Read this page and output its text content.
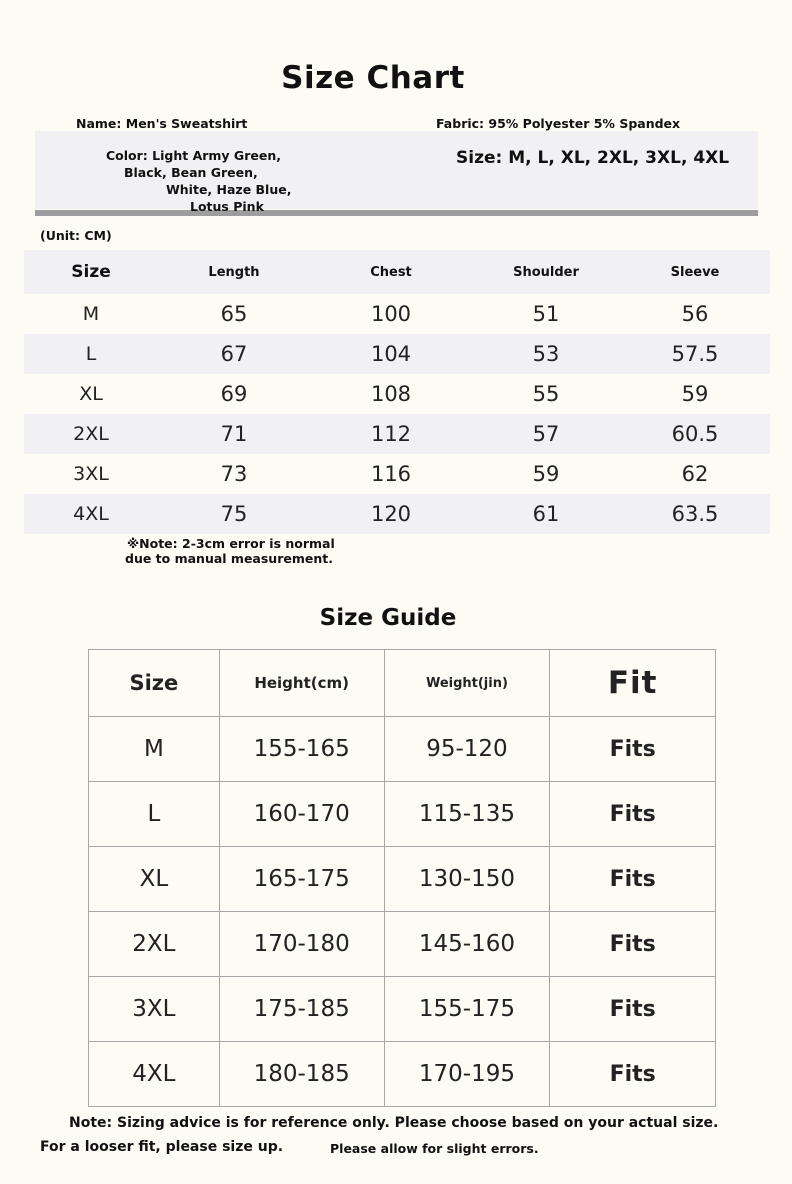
Size Chart
Name: Men's Sweatshirt	Fabric: 95% Polyester 5% Spandex
Color: Light Army Green,
Black, Bean Green,
White, Haze Blue,
Lotus Pink
Size: M, L, XL, 2XL, 3XL, 4XL
(Unit: CM)
Size	Length	Chest	Shoulder	Sleeve
M	65	100	51	56
L	67	104	53	57.5
XL	69	108	55	59
2XL	71	112	57	60.5
3XL	73	116	59	62
4XL	75	120	61	63.5
※Note: 2-3cm error is normal
due to manual measurement.
Size Guide
Size	Height(cm)	Weight(jin)	Fit
M	155-165	95-120	Fits
L	160-170	115-135	Fits
XL	165-175	130-150	Fits
2XL	170-180	145-160	Fits
3XL	175-185	155-175	Fits
4XL	180-185	170-195	Fits
Note: Sizing advice is for reference only. Please choose based on your actual size.
For a looser fit, please size up.	Please allow for slight errors.
